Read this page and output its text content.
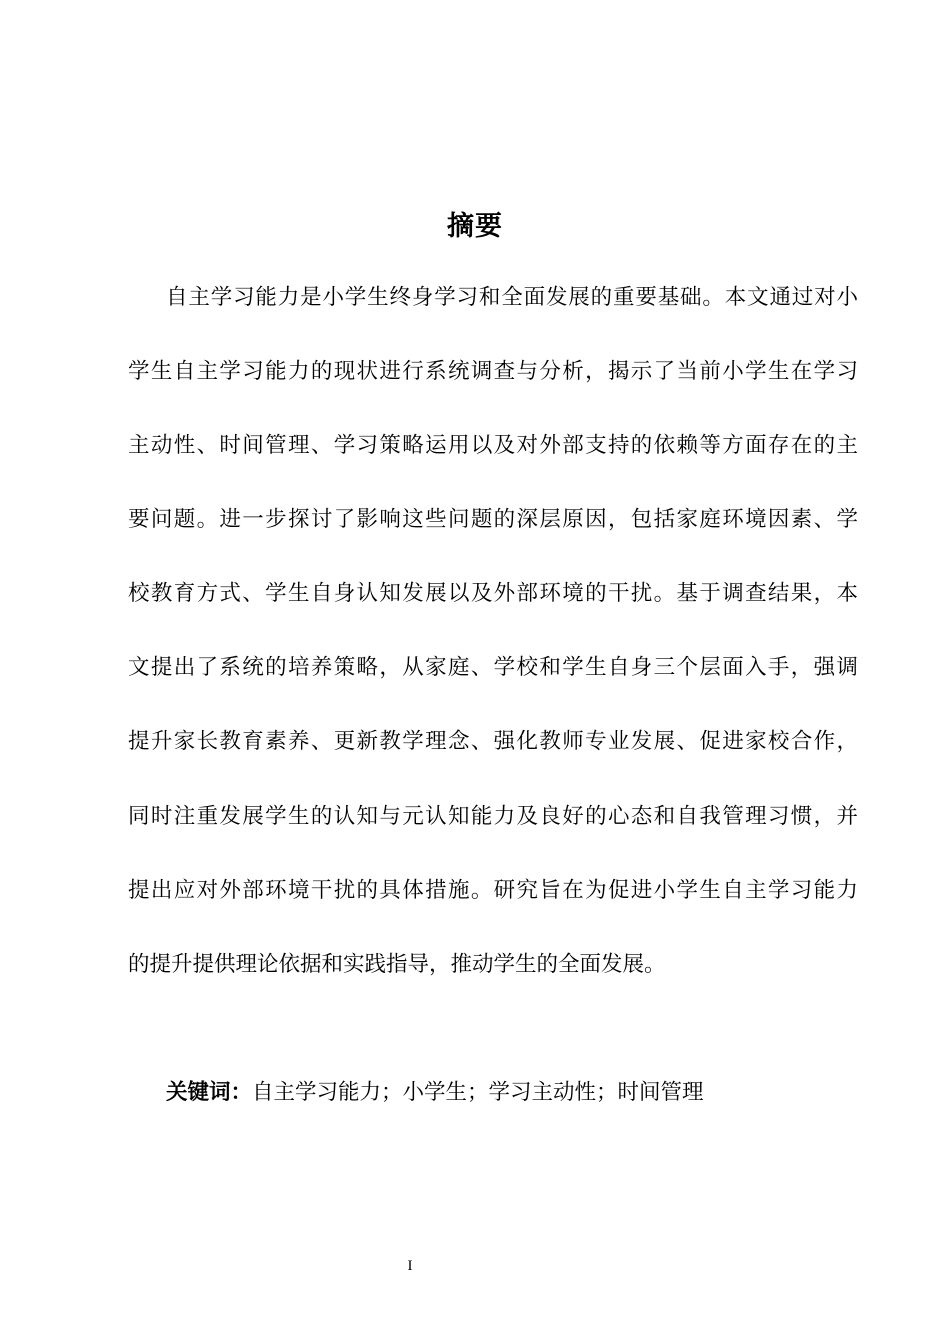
摘要
自主学习能力是小学生终身学习和全面发展的重要基础。本文通过对小
学生自主学习能力的现状进行系统调查与分析，揭示了当前小学生在学习
主动性、时间管理、学习策略运用以及对外部支持的依赖等方面存在的主
要问题。进一步探讨了影响这些问题的深层原因，包括家庭环境因素、学
校教育方式、学生自身认知发展以及外部环境的干扰。基于调查结果，本
文提出了系统的培养策略，从家庭、学校和学生自身三个层面入手，强调
提升家长教育素养、更新教学理念、强化教师专业发展、促进家校合作，
同时注重发展学生的认知与元认知能力及良好的心态和自我管理习惯，并
提出应对外部环境干扰的具体措施。研究旨在为促进小学生自主学习能力
的提升提供理论依据和实践指导，推动学生的全面发展。
关键词：自主学习能力；小学生；学习主动性；时间管理
I
